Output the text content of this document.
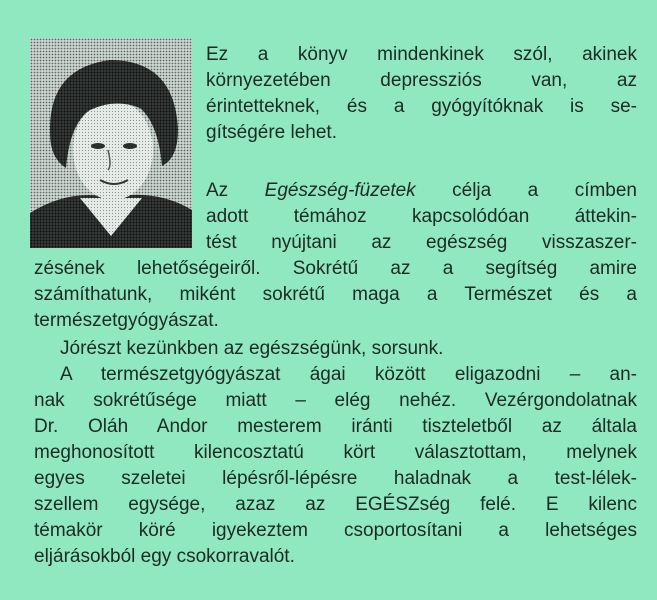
Ez a könyv mindenkinek szól, akinek
környezetében depressziós van, az
érintetteknek, és a gyógyítóknak is se-
gítségére lehet.
Az Egészség-füzetek célja a címben
adott témához kapcsolódóan áttekin-
tést nyújtani az egészség visszaszer-
zésének lehetőségeiről. Sokrétű az a segítség amire
számíthatunk, miként sokrétű maga a Természet és a
természetgyógyászat.
Jórészt kezünkben az egészségünk, sorsunk.
A természetgyógyászat ágai között eligazodni – an-
nak sokrétűsége miatt – elég nehéz. Vezérgondolatnak
Dr. Oláh Andor mesterem iránti tiszteletből az általa
meghonosított kilencosztatú kört választottam, melynek
egyes szeletei lépésről-lépésre haladnak a test-lélek-
szellem egysége, azaz az EGÉSZség felé. E kilenc
témakör köré igyekeztem csoportosítani a lehetséges
eljárásokból egy csokorravalót.
